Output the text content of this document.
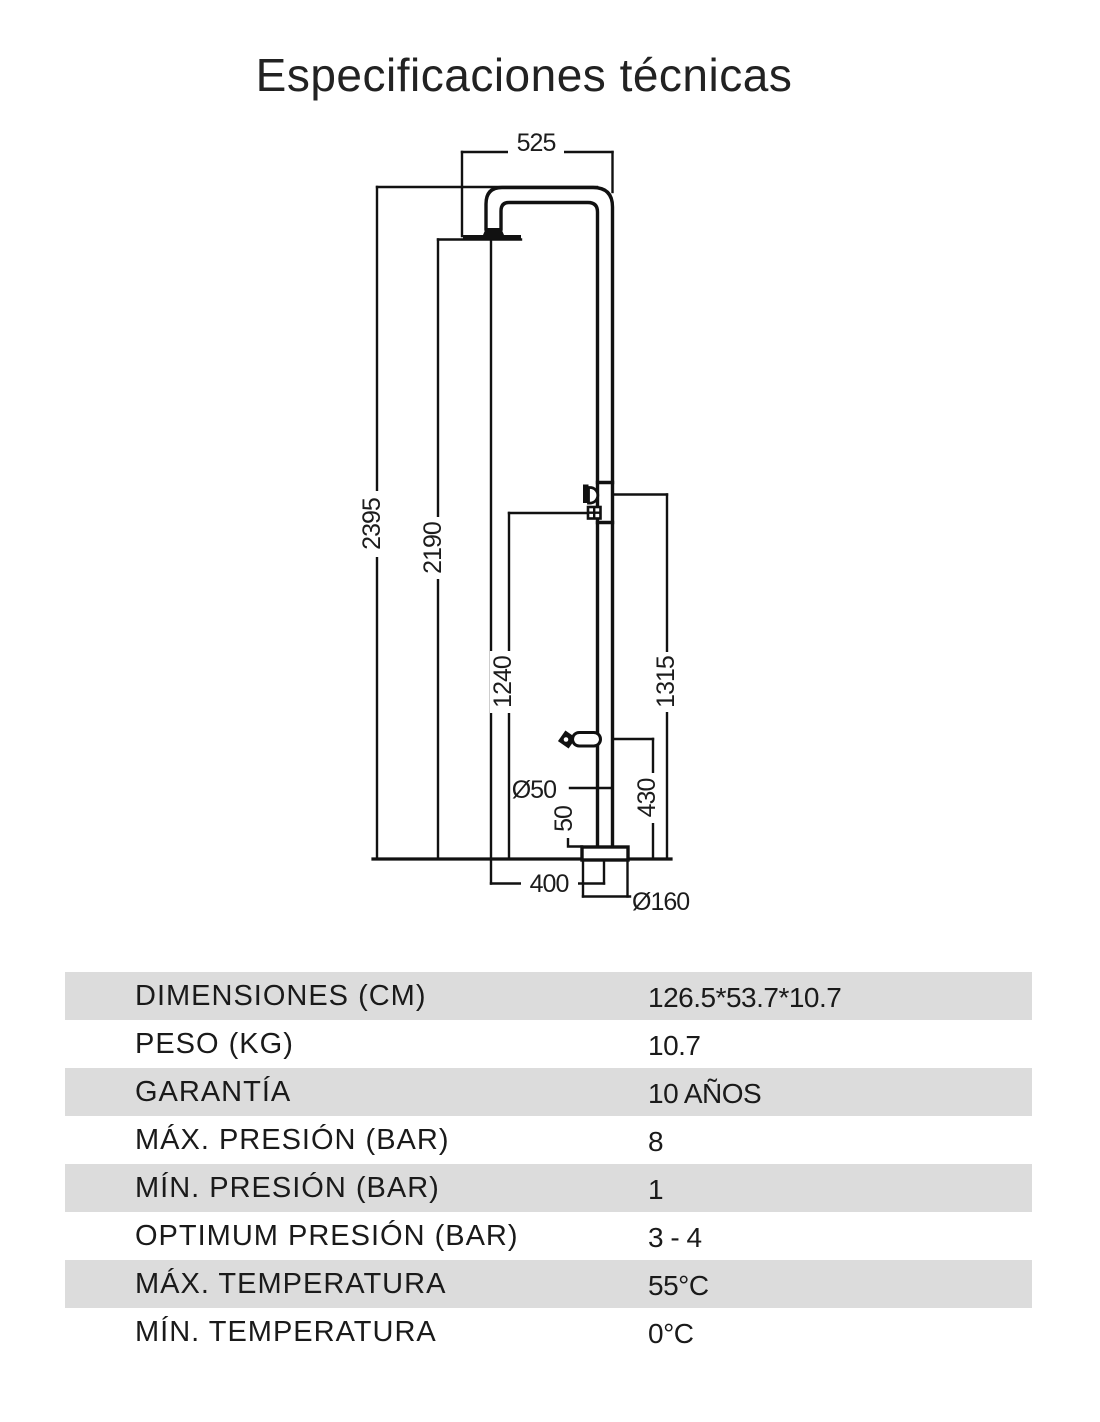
Especificaciones técnicas
525
2395 2190
1240	1315
430
50
Ø50
400
Ø160
DIMENSIONES (CM)	126.5*53.7*10.7
PESO (KG)	10.7
GARANTÍA	10 AÑOS
MÁX. PRESIÓN (BAR)	8
MÍN. PRESIÓN (BAR)	1
OPTIMUM PRESIÓN (BAR)	3 - 4
MÁX. TEMPERATURA	55°C
MÍN. TEMPERATURA	0°C
